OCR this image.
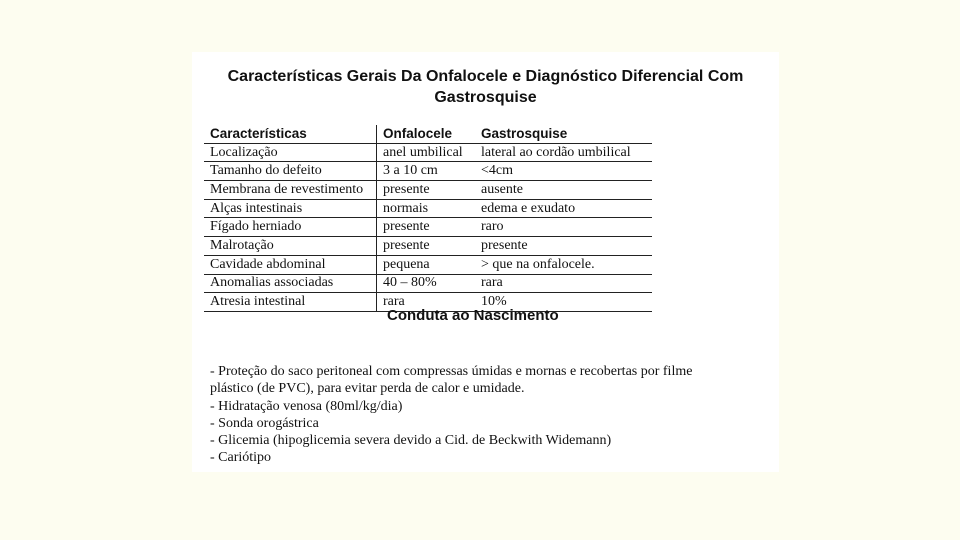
Características Gerais Da Onfalocele e Diagnóstico Diferencial Com
Gastrosquise
Características	Onfalocele	Gastrosquise
Localização	anel umbilical	lateral ao cordão umbilical
Tamanho do defeito	3 a 10 cm	<4cm
Membrana de revestimento	presente	ausente
Alças intestinais	normais	edema e exudato
Fígado herniado	presente	raro
Malrotação	presente	presente
Cavidade abdominal	pequena	> que na onfalocele.
Anomalias associadas	40 – 80%	rara
Atresia intestinal	rara	10%
Conduta ao Nascimento
- Proteção do saco peritoneal com compressas úmidas e mornas e recobertas por filme
plástico (de PVC), para evitar perda de calor e umidade.
- Hidratação venosa (80ml/kg/dia)
- Sonda orogástrica
- Glicemia (hipoglicemia severa devido a Cid. de Beckwith Widemann)
- Cariótipo
